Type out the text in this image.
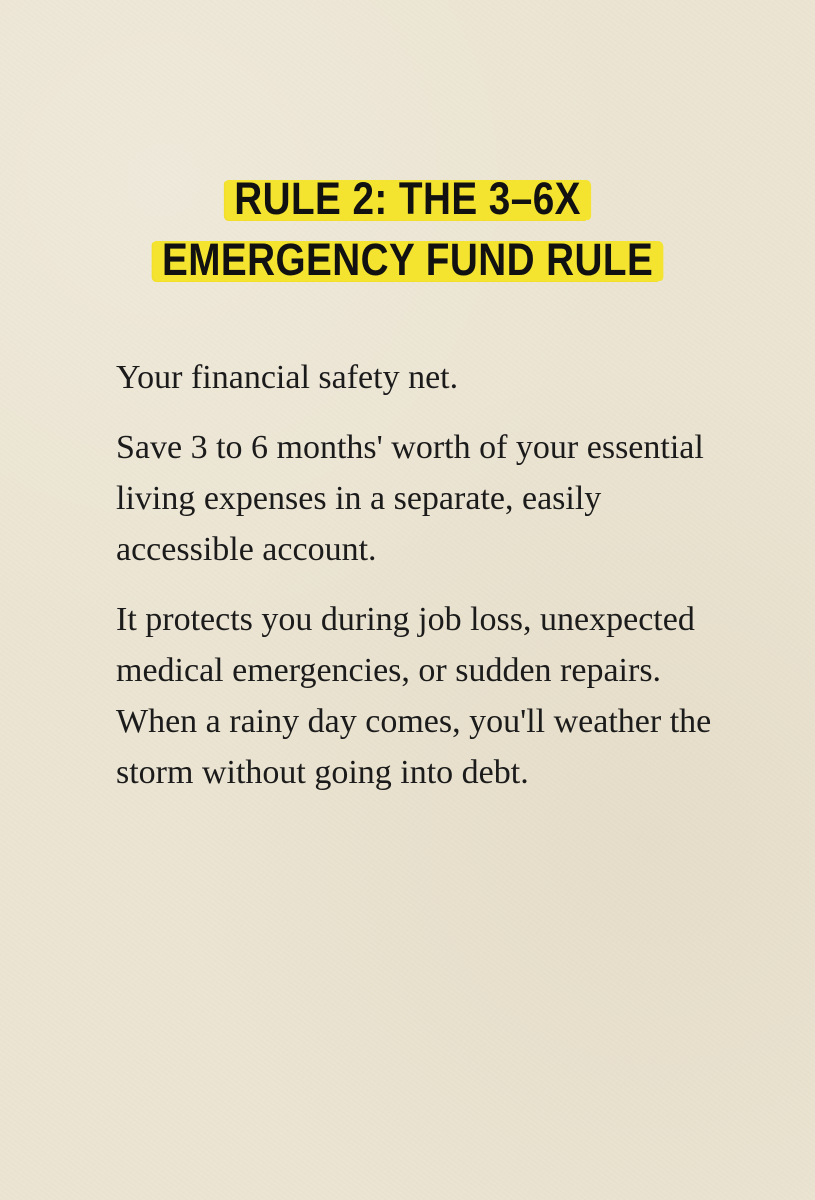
RULE 2: THE 3–6X
EMERGENCY FUND RULE

Your financial safety net.

Save 3 to 6 months' worth of your essential living expenses in a separate, easily accessible account.

It protects you during job loss, unexpected medical emergencies, or sudden repairs. When a rainy day comes, you'll weather the storm without going into debt.
